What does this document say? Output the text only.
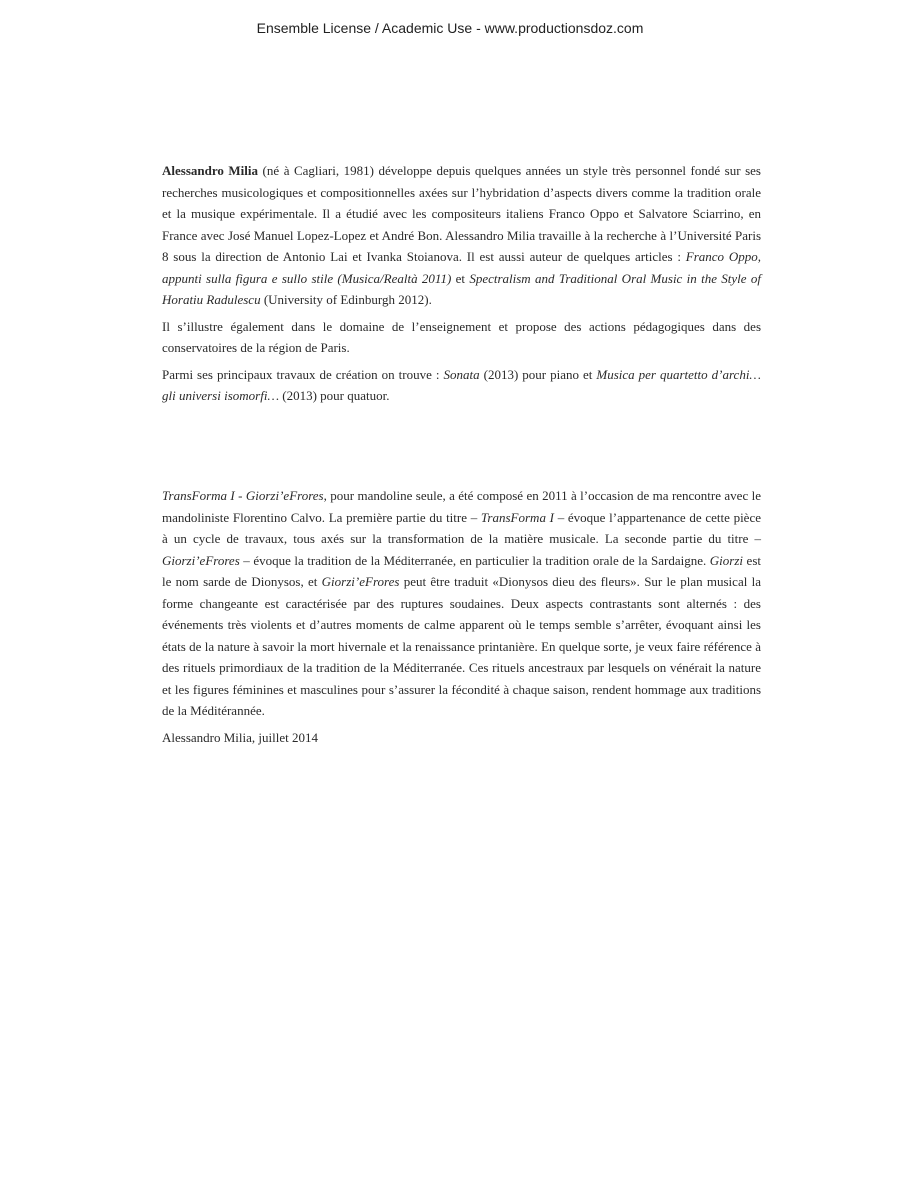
Ensemble License / Academic Use - www.productionsdoz.com

Alessandro Milia (né à Cagliari, 1981) développe depuis quelques années un style très personnel fondé sur ses recherches musicologiques et compositionnelles axées sur l’hybridation d’aspects divers comme la tradition orale et la musique expérimentale. Il a étudié avec les compositeurs italiens Franco Oppo et Salvatore Sciarrino, en France avec José Manuel Lopez-Lopez et André Bon. Alessandro Milia travaille à la recherche à l’Université Paris 8 sous la direction de Antonio Lai et Ivanka Stoianova. Il est aussi auteur de quelques articles : Franco Oppo, appunti sulla figura e sullo stile (Musica/Realtà 2011) et Spectralism and Traditional Oral Music in the Style of Horatiu Radulescu (University of Edinburgh 2012).

Il s’illustre également dans le domaine de l’enseignement et propose des actions pédagogiques dans des conservatoires de la région de Paris.

Parmi ses principaux travaux de création on trouve : Sonata (2013) pour piano et Musica per quartetto d’archi… gli universi isomorfi… (2013) pour quatuor.

TransForma I - Giorzi’eFrores, pour mandoline seule, a été composé en 2011 à l’occasion de ma rencontre avec le mandoliniste Florentino Calvo. La première partie du titre – TransForma I – évoque l’appartenance de cette pièce à un cycle de travaux, tous axés sur la transformation de la matière musicale. La seconde partie du titre – Giorzi’eFrores – évoque la tradition de la Méditerranée, en particulier la tradition orale de la Sardaigne. Giorzi est le nom sarde de Dionysos, et Giorzi’eFrores peut être traduit «Dionysos dieu des fleurs». Sur le plan musical la forme changeante est caractérisée par des ruptures soudaines. Deux aspects contrastants sont alternés : des événements très violents et d’autres moments de calme apparent où le temps semble s’arrêter, évoquant ainsi les états de la nature à savoir la mort hivernale et la renaissance printanière. En quelque sorte, je veux faire référence à des rituels primordiaux de la tradition de la Méditerranée. Ces rituels ancestraux par lesquels on vénérait la nature et les figures féminines et masculines pour s’assurer la fécondité à chaque saison, rendent hommage aux traditions de la Méditérannée.

Alessandro Milia, juillet 2014
